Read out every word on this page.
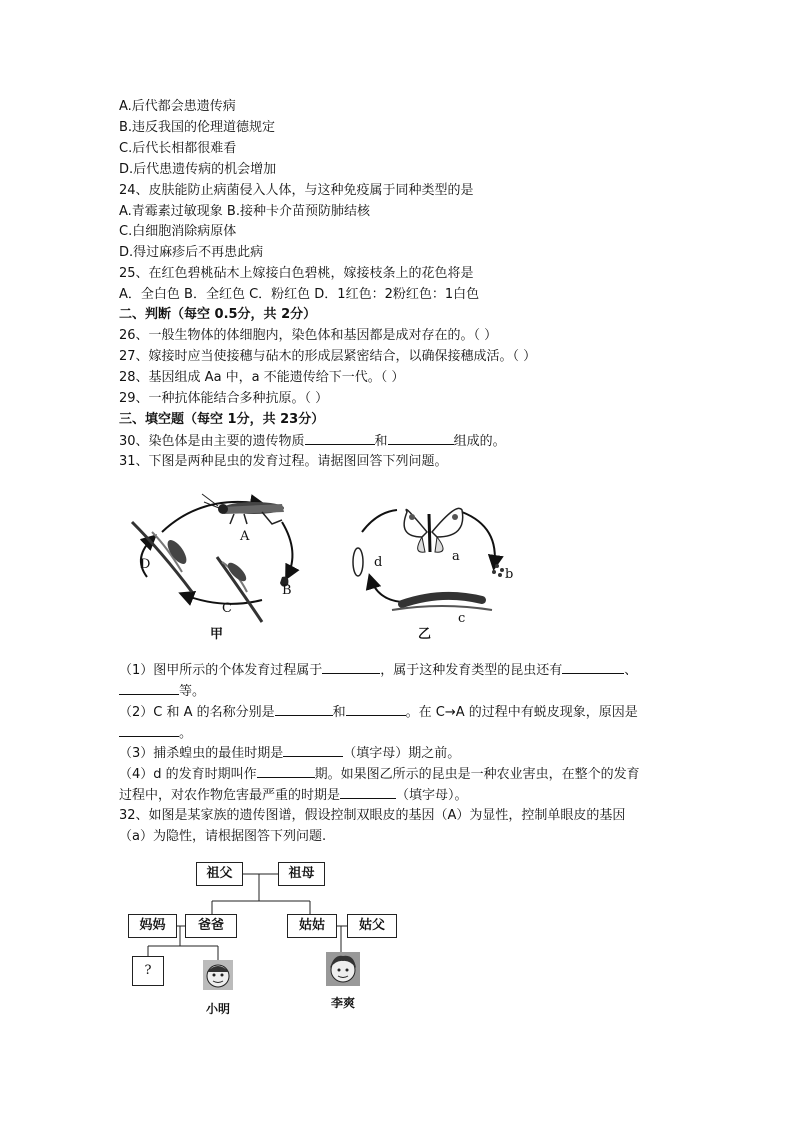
A.后代都会患遗传病
B.违反我国的伦理道德规定
C.后代长相都很难看
D.后代患遗传病的机会增加
24、皮肤能防止病菌侵入人体，与这种免疫属于同种类型的是
A.青霉素过敏现象 B.接种卡介苗预防肺结核
C.白细胞消除病原体
D.得过麻疹后不再患此病
25、在红色碧桃砧木上嫁接白色碧桃，嫁接枝条上的花色将是
A．全白色 B．全红色 C．粉红色 D．1红色：2粉红色：1白色
二、判断（每空 0.5分，共 2分）
26、一般生物体的体细胞内，染色体和基因都是成对存在的。（ ）
27、嫁接时应当使接穗与砧木的形成层紧密结合，以确保接穗成活。（ ）
28、基因组成 Aa 中，a 不能遗传给下一代。（ ）
29、一种抗体能结合多种抗原。（ ）
三、填空题（每空 1分，共 23分）
30、染色体是由主要的遗传物质	和	组成的。
31、下图是两种昆虫的发育过程。请据图回答下列问题。
A
B
C
D
甲
a
b
c
d
乙
（1）图甲所示的个体发育过程属于	，属于这种发育类型的昆虫还有	、
等。
（2）C 和 A 的名称分别是	和	。在 C→A 的过程中有蜕皮现象，原因是
。
（3）捕杀蝗虫的最佳时期是	（填字母）期之前。
（4）d 的发育时期叫作	期。如果图乙所示的昆虫是一种农业害虫，在整个的发育
过程中，对农作物危害最严重的时期是	（填字母）。
32、如图是某家族的遗传图谱，假设控制双眼皮的基因（A）为显性，控制单眼皮的基因
（a）为隐性，请根据图答下列问题.
祖父	祖母
妈妈	爸爸	姑姑	姑父
?
小明	李爽
